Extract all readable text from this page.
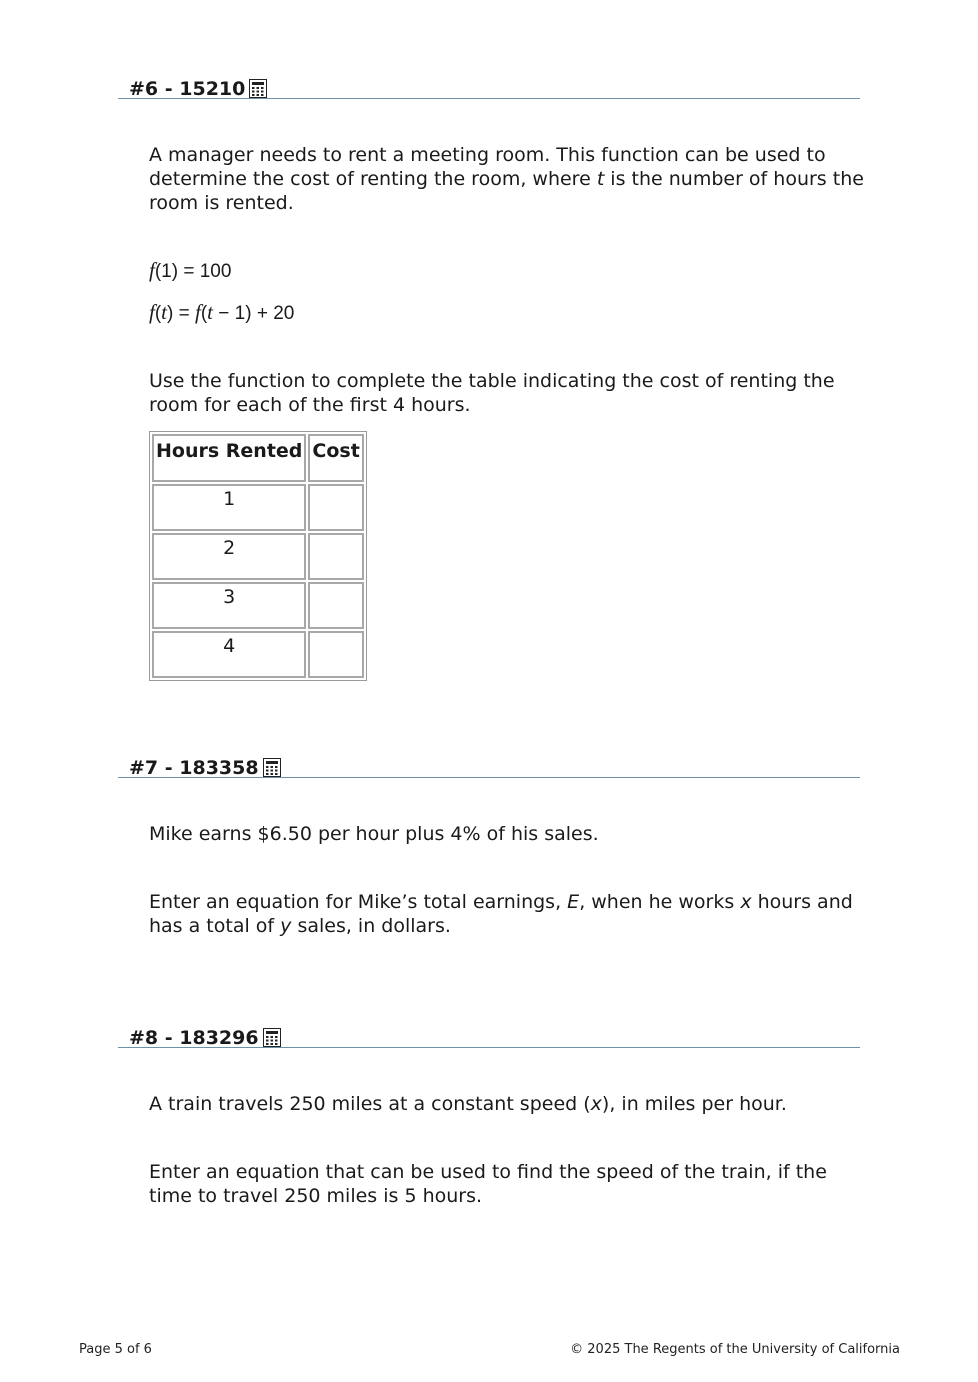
#6 - 15210

A manager needs to rent a meeting room. This function can be used to determine the cost of renting the room, where t is the number of hours the room is rented.

f(1) = 100
f(t) = f(t − 1) + 20

Use the function to complete the table indicating the cost of renting the room for each of the first 4 hours.

Hours Rented	Cost
1	
2	
3	
4	
#7 - 183358

Mike earns $6.50 per hour plus 4% of his sales.

Enter an equation for Mike’s total earnings, E, when he works x hours and has a total of y sales, in dollars.

#8 - 183296

A train travels 250 miles at a constant speed (x), in miles per hour.

Enter an equation that can be used to find the speed of the train, if the time to travel 250 miles is 5 hours.

Page 5 of 6	© 2025 The Regents of the University of California
